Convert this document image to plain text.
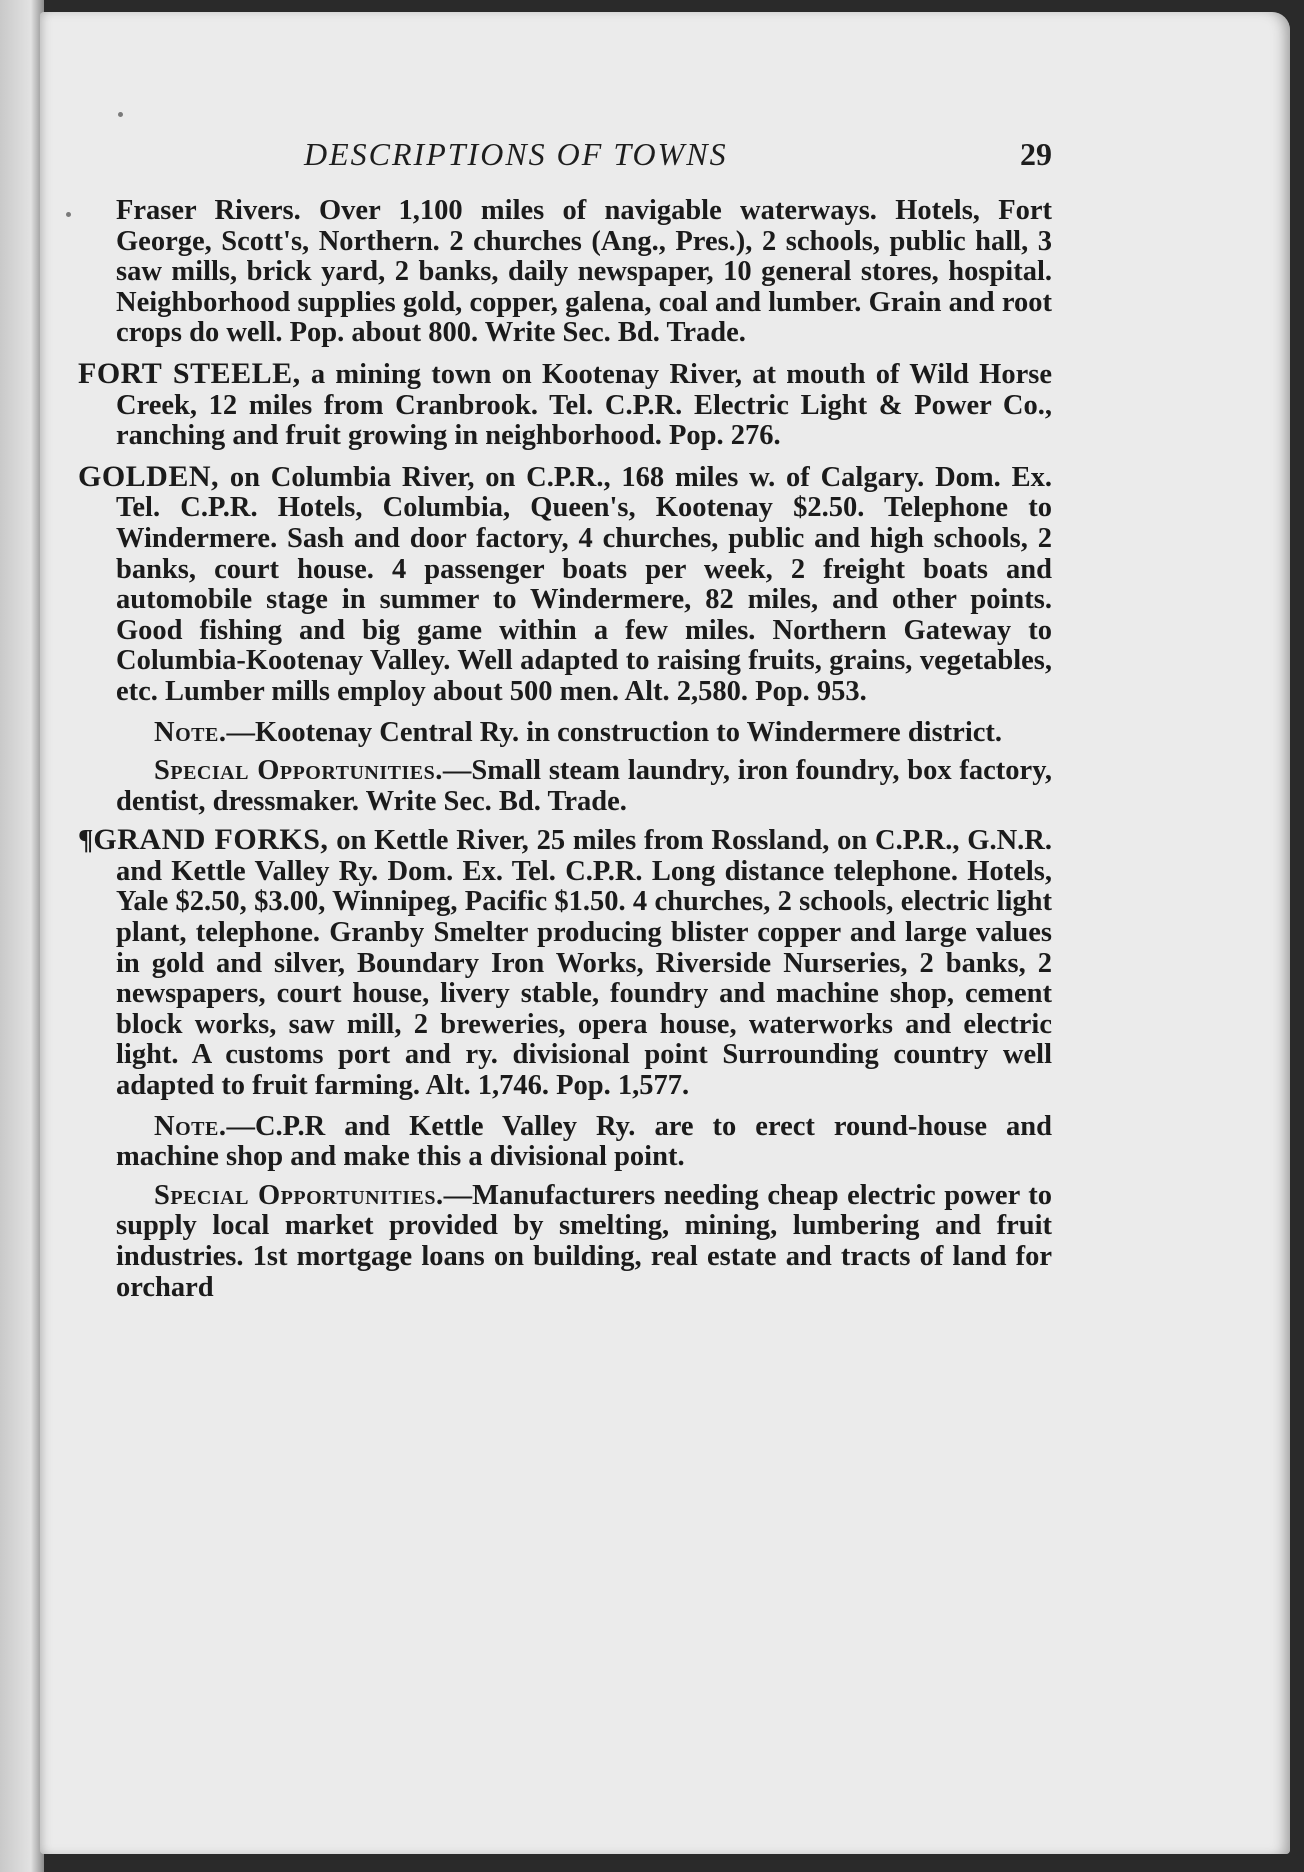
DESCRIPTIONS OF TOWNS	29

Fraser Rivers. Over 1,100 miles of navigable waterways. Hotels, Fort George, Scott's, Northern. 2 churches (Ang., Pres.), 2 schools, public hall, 3 saw mills, brick yard, 2 banks, daily newspaper, 10 general stores, hospital. Neighborhood supplies gold, copper, galena, coal and lumber. Grain and root crops do well. Pop. about 800. Write Sec. Bd. Trade.

FORT STEELE, a mining town on Kootenay River, at mouth of Wild Horse Creek, 12 miles from Cranbrook. Tel. C.P.R. Electric Light & Power Co., ranching and fruit growing in neighborhood. Pop. 276.

GOLDEN, on Columbia River, on C.P.R., 168 miles w. of Calgary. Dom. Ex. Tel. C.P.R. Hotels, Columbia, Queen's, Kootenay $2.50. Telephone to Windermere. Sash and door factory, 4 churches, public and high schools, 2 banks, court house. 4 passenger boats per week, 2 freight boats and automobile stage in summer to Windermere, 82 miles, and other points. Good fishing and big game within a few miles. Northern Gateway to Columbia-Kootenay Valley. Well adapted to raising fruits, grains, vegetables, etc. Lumber mills employ about 500 men. Alt. 2,580. Pop. 953.

Note.—Kootenay Central Ry. in construction to Windermere district.

Special Opportunities.—Small steam laundry, iron foundry, box factory, dentist, dressmaker. Write Sec. Bd. Trade.

¶GRAND FORKS, on Kettle River, 25 miles from Rossland, on C.P.R., G.N.R. and Kettle Valley Ry. Dom. Ex. Tel. C.P.R. Long distance telephone. Hotels, Yale $2.50, $3.00, Winnipeg, Pacific $1.50. 4 churches, 2 schools, electric light plant, telephone. Granby Smelter producing blister copper and large values in gold and silver, Boundary Iron Works, Riverside Nurseries, 2 banks, 2 newspapers, court house, livery stable, foundry and machine shop, cement block works, saw mill, 2 breweries, opera house, waterworks and electric light. A customs port and ry. divisional point Surrounding country well adapted to fruit farming. Alt. 1,746. Pop. 1,577.

Note.—C.P.R and Kettle Valley Ry. are to erect round-house and machine shop and make this a divisional point.

Special Opportunities.—Manufacturers needing cheap electric power to supply local market provided by smelting, mining, lumbering and fruit industries. 1st mortgage loans on building, real estate and tracts of land for orchard
